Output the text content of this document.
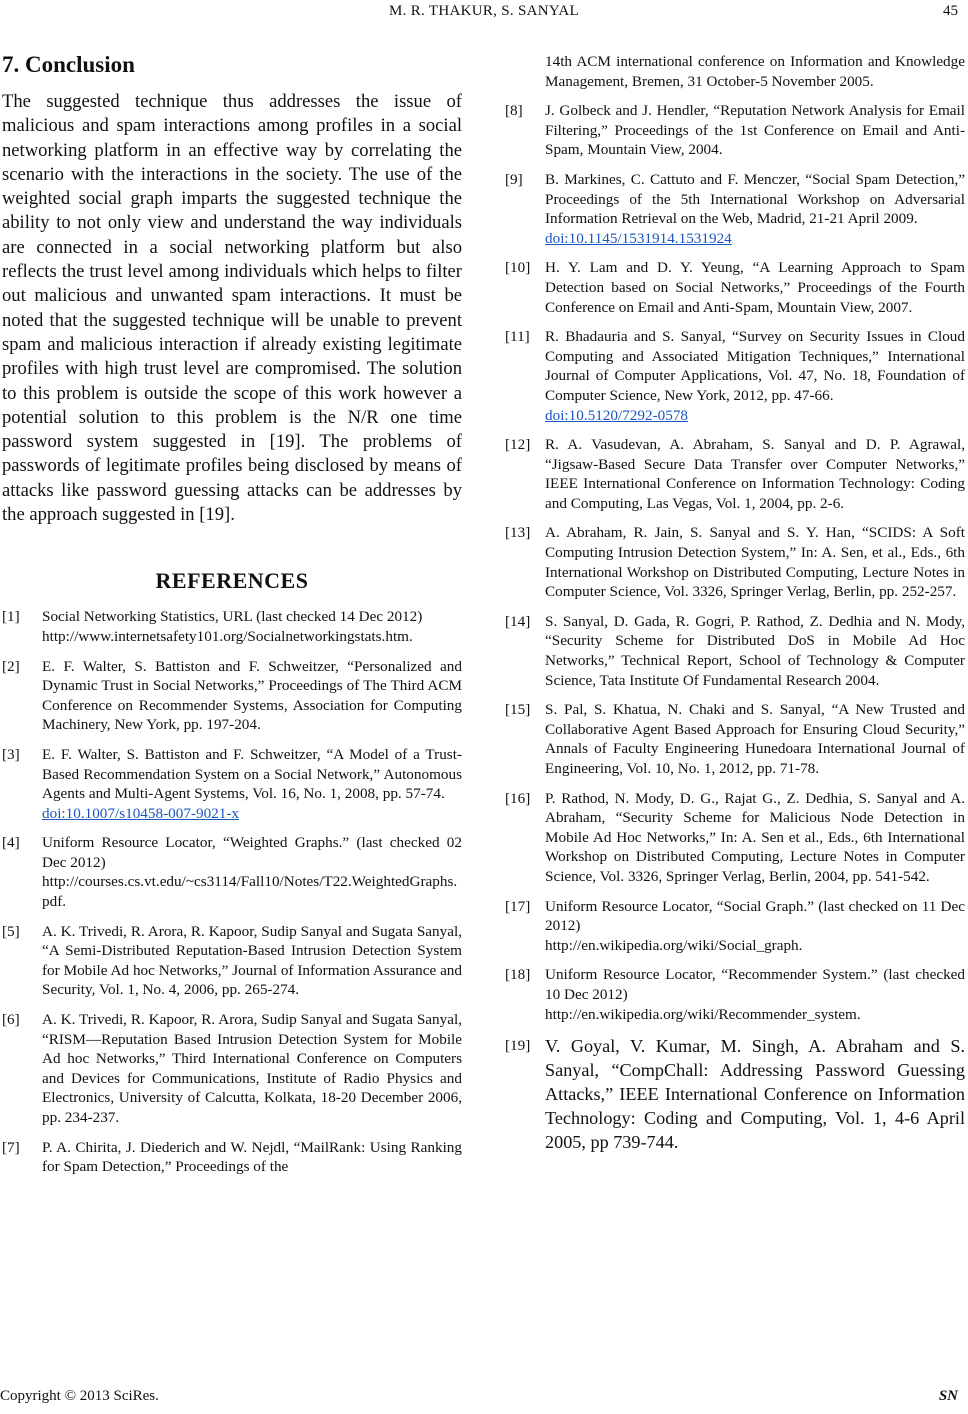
M. R. THAKUR, S. SANYAL	45
7. Conclusion

The suggested technique thus addresses the issue of malicious and spam interactions among profiles in a social networking platform in an effective way by correlating the scenario with the interactions in the society. The use of the weighted social graph imparts the suggested technique the ability to not only view and understand the way individuals are connected in a social networking platform but also reflects the trust level among individuals which helps to filter out malicious and unwanted spam interactions. It must be noted that the suggested technique will be unable to prevent spam and malicious interaction if already existing legitimate profiles with high trust level are compromised. The solution to this problem is outside the scope of this work however a potential solution to this problem is the N/R one time password system suggested in [19]. The problems of passwords of legitimate profiles being disclosed by means of attacks like password guessing attacks can be addresses by the approach suggested in [19].

REFERENCES
[1] Social Networking Statistics, URL (last checked 14 Dec 2012)
http://www.internetsafety101.org/Socialnetworkingstats.htm.
[2] E. F. Walter, S. Battiston and F. Schweitzer, “Personalized and Dynamic Trust in Social Networks,” Proceedings of The Third ACM Conference on Recommender Systems, Association for Computing Machinery, New York, pp. 197-204.
[3] E. F. Walter, S. Battiston and F. Schweitzer, “A Model of a Trust-Based Recommendation System on a Social Network,” Autonomous Agents and Multi-Agent Systems, Vol. 16, No. 1, 2008, pp. 57-74.
doi:10.1007/s10458-007-9021-x
[4] Uniform Resource Locator, “Weighted Graphs.” (last checked 02 Dec 2012)
http://courses.cs.vt.edu/~cs3114/Fall10/Notes/T22.WeightedGraphs.pdf.
[5] A. K. Trivedi, R. Arora, R. Kapoor, Sudip Sanyal and Sugata Sanyal, “A Semi-Distributed Reputation-Based Intrusion Detection System for Mobile Ad hoc Networks,” Journal of Information Assurance and Security, Vol. 1, No. 4, 2006, pp. 265-274.
[6] A. K. Trivedi, R. Kapoor, R. Arora, Sudip Sanyal and Sugata Sanyal, “RISM—Reputation Based Intrusion Detection System for Mobile Ad hoc Networks,” Third International Conference on Computers and Devices for Communications, Institute of Radio Physics and Electronics, University of Calcutta, Kolkata, 18-20 December 2006, pp. 234-237.
[7] P. A. Chirita, J. Diederich and W. Nejdl, “MailRank: Using Ranking for Spam Detection,” Proceedings of the
14th ACM international conference on Information and Knowledge Management, Bremen, 31 October-5 November 2005.
[8] J. Golbeck and J. Hendler, “Reputation Network Analysis for Email Filtering,” Proceedings of the 1st Conference on Email and Anti-Spam, Mountain View, 2004.
[9] B. Markines, C. Cattuto and F. Menczer, “Social Spam Detection,” Proceedings of the 5th International Workshop on Adversarial Information Retrieval on the Web, Madrid, 21-21 April 2009.
doi:10.1145/1531914.1531924
[10] H. Y. Lam and D. Y. Yeung, “A Learning Approach to Spam Detection based on Social Networks,” Proceedings of the Fourth Conference on Email and Anti-Spam, Mountain View, 2007.
[11] R. Bhadauria and S. Sanyal, “Survey on Security Issues in Cloud Computing and Associated Mitigation Techniques,” International Journal of Computer Applications, Vol. 47, No. 18, Foundation of Computer Science, New York, 2012, pp. 47-66.
doi:10.5120/7292-0578
[12] R. A. Vasudevan, A. Abraham, S. Sanyal and D. P. Agrawal, “Jigsaw-Based Secure Data Transfer over Computer Networks,” IEEE International Conference on Information Technology: Coding and Computing, Las Vegas, Vol. 1, 2004, pp. 2-6.
[13] A. Abraham, R. Jain, S. Sanyal and S. Y. Han, “SCIDS: A Soft Computing Intrusion Detection System,” In: A. Sen, et al., Eds., 6th International Workshop on Distributed Computing, Lecture Notes in Computer Science, Vol. 3326, Springer Verlag, Berlin, pp. 252-257.
[14] S. Sanyal, D. Gada, R. Gogri, P. Rathod, Z. Dedhia and N. Mody, “Security Scheme for Distributed DoS in Mobile Ad Hoc Networks,” Technical Report, School of Technology & Computer Science, Tata Institute Of Fundamental Research 2004.
[15] S. Pal, S. Khatua, N. Chaki and S. Sanyal, “A New Trusted and Collaborative Agent Based Approach for Ensuring Cloud Security,” Annals of Faculty Engineering Hunedoara International Journal of Engineering, Vol. 10, No. 1, 2012, pp. 71-78.
[16] P. Rathod, N. Mody, D. G., Rajat G., Z. Dedhia, S. Sanyal and A. Abraham, “Security Scheme for Malicious Node Detection in Mobile Ad Hoc Networks,” In: A. Sen et al., Eds., 6th International Workshop on Distributed Computing, Lecture Notes in Computer Science, Vol. 3326, Springer Verlag, Berlin, 2004, pp. 541-542.
[17] Uniform Resource Locator, “Social Graph.” (last checked on 11 Dec 2012)
http://en.wikipedia.org/wiki/Social_graph.
[18] Uniform Resource Locator, “Recommender System.” (last checked 10 Dec 2012)
http://en.wikipedia.org/wiki/Recommender_system.
[19] V. Goyal, V. Kumar, M. Singh, A. Abraham and S. Sanyal, “CompChall: Addressing Password Guessing Attacks,” IEEE International Conference on Information Technology: Coding and Computing, Vol. 1, 4-6 April 2005, pp 739-744.
Copyright © 2013 SciRes.	SN
